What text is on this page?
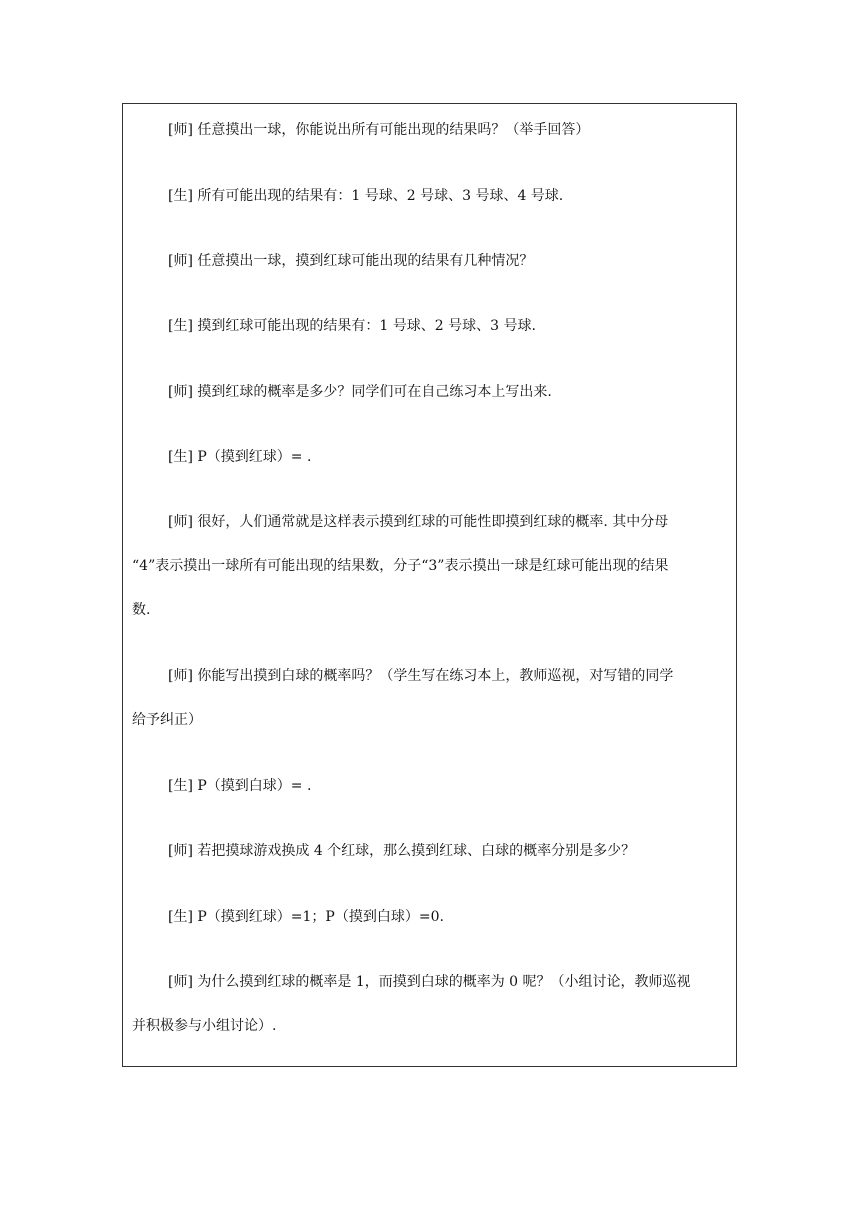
[师] 任意摸出一球，你能说出所有可能出现的结果吗？（举手回答）

[生] 所有可能出现的结果有：1 号球、2 号球、3 号球、4 号球.

[师] 任意摸出一球，摸到红球可能出现的结果有几种情况？

[生] 摸到红球可能出现的结果有：1 号球、2 号球、3 号球.

[师] 摸到红球的概率是多少？同学们可在自己练习本上写出来.

[生] P（摸到红球）= .

[师] 很好，人们通常就是这样表示摸到红球的可能性即摸到红球的概率. 其中分母

“4”表示摸出一球所有可能出现的结果数，分子“3”表示摸出一球是红球可能出现的结果

数.

[师] 你能写出摸到白球的概率吗？（学生写在练习本上，教师巡视，对写错的同学

给予纠正）

[生] P（摸到白球）= .

[师] 若把摸球游戏换成 4 个红球，那么摸到红球、白球的概率分别是多少？

[生] P（摸到红球）=1；P（摸到白球）=0.

[师] 为什么摸到红球的概率是 1，而摸到白球的概率为 0 呢？（小组讨论，教师巡视

并积极参与小组讨论）.
